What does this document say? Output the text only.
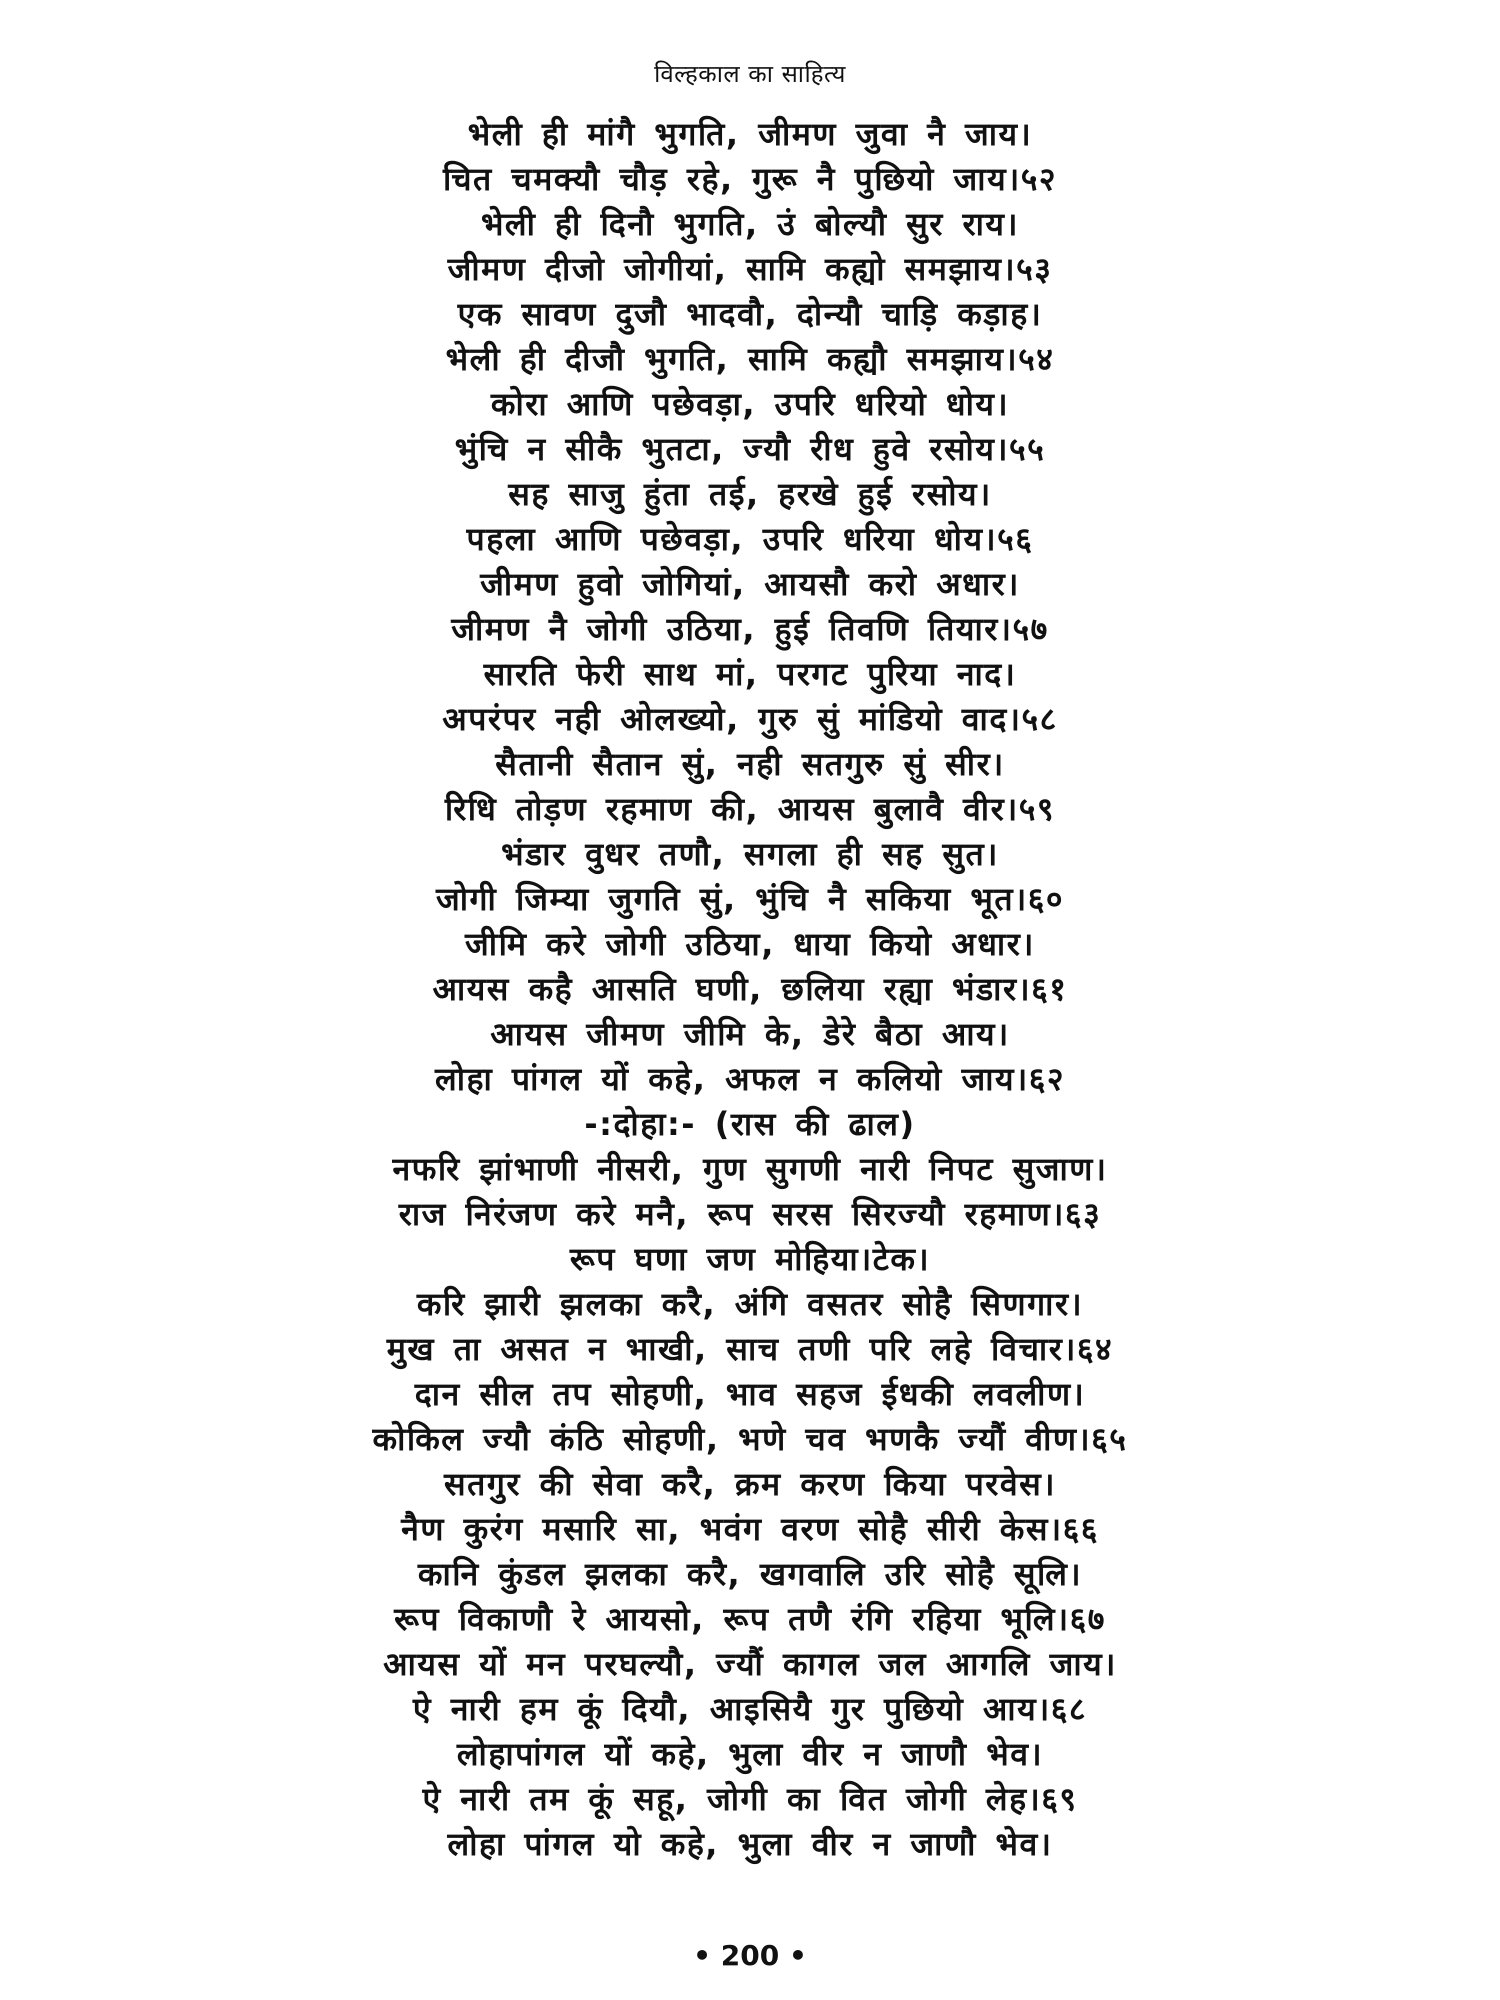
विल्हकाल का साहित्य
भेली ही मांगै भुगति, जीमण जुवा नै जाय।
चित चमक्यौ चौड़ रहे, गुरू नै पुछियो जाय।५२
भेली ही दिनौ भुगति, उं बोल्यौ सुर राय।
जीमण दीजो जोगीयां, सामि कह्यो समझाय।५३
एक सावण दुजौ भादवौ, दोन्यौ चाड़ि कड़ाह।
भेली ही दीजौ भुगति, सामि कह्यौ समझाय।५४
कोरा आणि पछेवड़ा, उपरि धरियो धोय।
भुंचि न सीकै भुतटा, ज्यौ रीध हुवे रसोय।५५
सह साजु हुंता तई, हरखे हुई रसोय।
पहला आणि पछेवड़ा, उपरि धरिया धोय।५६
जीमण हुवो जोगियां, आयसौ करो अधार।
जीमण नै जोगी उठिया, हुई तिवणि तियार।५७
सारति फेरी साथ मां, परगट पुरिया नाद।
अपरंपर नही ओलख्यो, गुरु सुं मांडियो वाद।५८
सैतानी सैतान सुं, नही सतगुरु सुं सीर।
रिधि तोड़ण रहमाण की, आयस बुलावै वीर।५९
भंडार वुधर तणौ, सगला ही सह सुत।
जोगी जिम्या जुगति सुं, भुंचि नै सकिया भूत।६०
जीमि करे जोगी उठिया, धाया कियो अधार।
आयस कहै आसति घणी, छलिया रह्या भंडार।६१
आयस जीमण जीमि के, डेरे बैठा आय।
लोहा पांगल यों कहे, अफल न कलियो जाय।६२
-:दोहा:- (रास की ढाल)
नफरि झांभाणी नीसरी, गुण सुगणी नारी निपट सुजाण।
राज निरंजण करे मनै, रूप सरस सिरज्यौ रहमाण।६३
रूप घणा जण मोहिया।टेक।
करि झारी झलका करै, अंगि वसतर सोहै सिणगार।
मुख ता असत न भाखी, साच तणी परि लहे विचार।६४
दान सील तप सोहणी, भाव सहज ईधकी लवलीण।
कोकिल ज्यौ कंठि सोहणी, भणे चव भणकै ज्यौं वीण।६५
सतगुर की सेवा करै, क्रम करण किया परवेस।
नैण कुरंग मसारि सा, भवंग वरण सोहै सीरी केस।६६
कानि कुंडल झलका करै, खगवालि उरि सोहै सूलि।
रूप विकाणौ रे आयसो, रूप तणै रंगि रहिया भूलि।६७
आयस यों मन परघल्यौ, ज्यौं कागल जल आगलि जाय।
ऐ नारी हम कूं दियौ, आइसियै गुर पुछियो आय।६८
लोहापांगल यों कहे, भुला वीर न जाणौ भेव।
ऐ नारी तम कूं सहू, जोगी का वित जोगी लेह।६९
लोहा पांगल यो कहे, भुला वीर न जाणौ भेव।
• 200 •
